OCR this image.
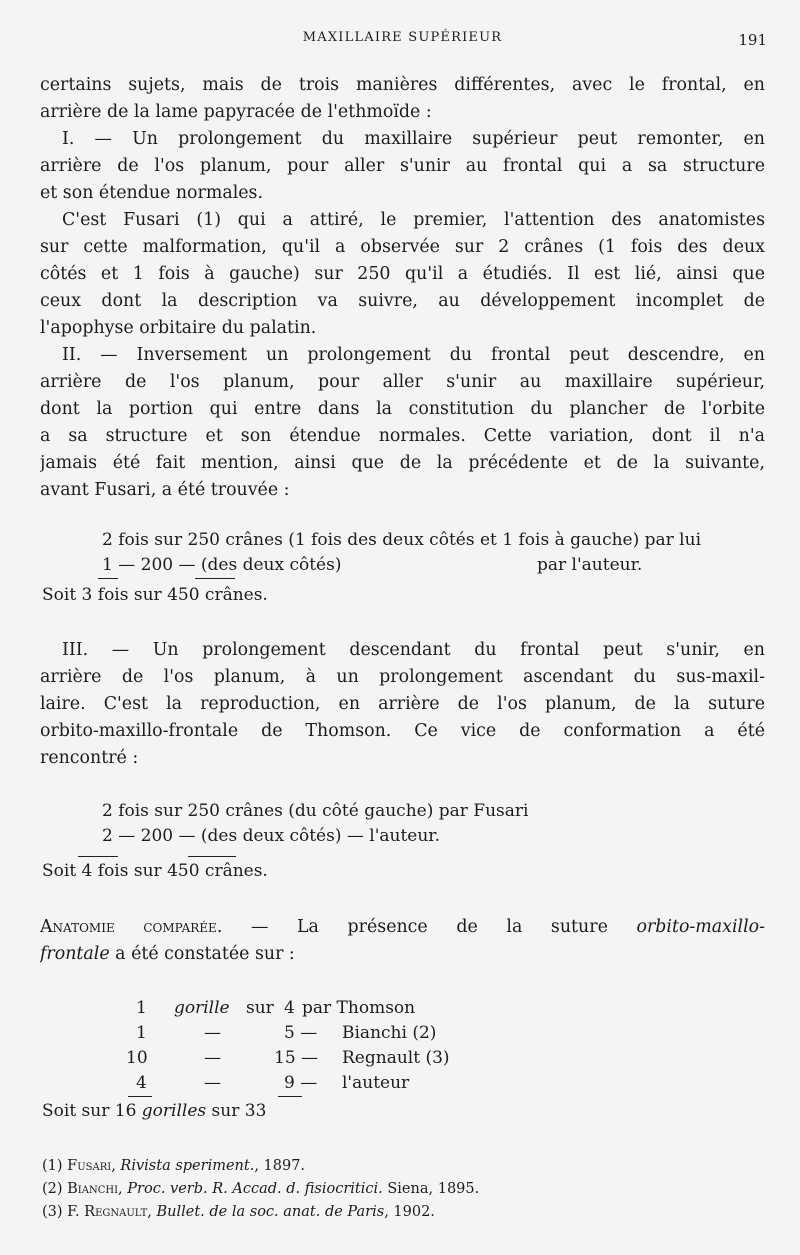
MAXILLAIRE SUPÉRIEUR	191

certains sujets, mais de trois manières différentes, avec le frontal, en

arrière de la lame papyracée de l'ethmoïde :

I. — Un prolongement du maxillaire supérieur peut remonter, en

arrière de l'os planum, pour aller s'unir au frontal qui a sa structure

et son étendue normales.

C'est Fusari (1) qui a attiré, le premier, l'attention des anatomistes

sur cette malformation, qu'il a observée sur 2 crânes (1 fois des deux

côtés et 1 fois à gauche) sur 250 qu'il a étudiés. Il est lié, ainsi que

ceux dont la description va suivre, au développement incomplet de

l'apophyse orbitaire du palatin.

II. — Inversement un prolongement du frontal peut descendre, en

arrière de l'os planum, pour aller s'unir au maxillaire supérieur,

dont la portion qui entre dans la constitution du plancher de l'orbite

a sa structure et son étendue normales. Cette variation, dont il n'a

jamais été fait mention, ainsi que de la précédente et de la suivante,

avant Fusari, a été trouvée :

2 fois sur 250 crânes (1 fois des deux côtés et 1 fois à gauche) par lui
1 — 200 — (des deux côtés)	par l'auteur.
Soit 3 fois sur 450 crânes.

III. — Un prolongement descendant du frontal peut s'unir, en

arrière de l'os planum, à un prolongement ascendant du sus-maxil-

laire. C'est la reproduction, en arrière de l'os planum, de la suture

orbito-maxillo-frontale de Thomson. Ce vice de conformation a été

rencontré :

2 fois sur 250 crânes (du côté gauche) par Fusari
2 — 200 — (des deux côtés) — l'auteur.
Soit 4 fois sur 450 crânes.

Anatomie comparée. — La présence de la suture orbito-maxillo-

frontale a été constatée sur :

1 gorille sur 4 par Thomson
1	—	5 — Bianchi (2)
10	—	15 — Regnault (3)
4	—	9 — l'auteur
Soit sur 16 gorilles sur 33
(1) Fusari, Rivista speriment., 1897.
(2) Bianchi, Proc. verb. R. Accad. d. fisiocritici. Siena, 1895.
(3) F. Regnault, Bullet. de la soc. anat. de Paris, 1902.
